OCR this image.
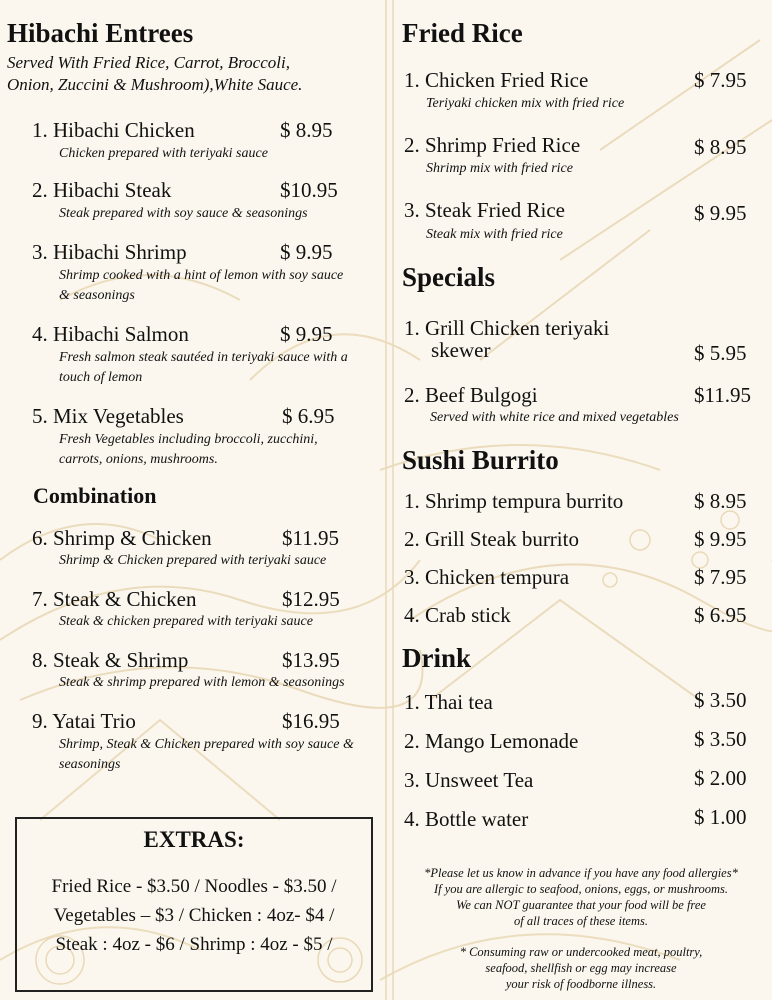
Hibachi Entrees
Served With Fried Rice, Carrot, Broccoli,
Onion, Zuccini & Mushroom),White Sauce.
1. Hibachi Chicken	$ 8.95
Chicken prepared with teriyaki sauce
2. Hibachi Steak	$10.95
Steak prepared with soy sauce & seasonings
3. Hibachi Shrimp	$ 9.95
Shrimp cooked with a hint of lemon with soy sauce & seasonings
4. Hibachi Salmon	$ 9.95
Fresh salmon steak sautéed in teriyaki sauce with a touch of lemon
5. Mix Vegetables	$ 6.95
Fresh Vegetables including broccoli, zucchini, carrots, onions, mushrooms.
Combination
6. Shrimp & Chicken	$11.95
Shrimp & Chicken prepared with teriyaki sauce
7. Steak & Chicken	$12.95
Steak & chicken prepared with teriyaki sauce
8. Steak & Shrimp	$13.95
Steak & shrimp prepared with lemon & seasonings
9. Yatai Trio	$16.95
Shrimp, Steak & Chicken prepared with soy sauce & seasonings
EXTRAS:
Fried Rice - $3.50 / Noodles - $3.50 /
Vegetables – $3 / Chicken : 4oz- $4 /
Steak : 4oz - $6 / Shrimp : 4oz - $5 /
Fried Rice
1. Chicken Fried Rice	$ 7.95
Teriyaki chicken mix with fried rice
2. Shrimp Fried Rice	$ 8.95
Shrimp mix with fried rice
3. Steak Fried Rice	$ 9.95
Steak mix with fried rice
Specials
1. Grill Chicken teriyaki
skewer	$ 5.95
2. Beef Bulgogi	$11.95
Served with white rice and mixed vegetables
Sushi Burrito
1. Shrimp tempura burrito	$ 8.95
2. Grill Steak burrito	$ 9.95
3. Chicken tempura	$ 7.95
4. Crab stick	$ 6.95
Drink
1. Thai tea	$ 3.50
2. Mango Lemonade	$ 3.50
3. Unsweet Tea	$ 2.00
4. Bottle water	$ 1.00
*Please let us know in advance if you have any food allergies*
If you are allergic to seafood, onions, eggs, or mushrooms.
We can NOT guarantee that your food will be free
of all traces of these items.
* Consuming raw or undercooked meat, poultry,
seafood, shellfish or egg may increase
your risk of foodborne illness.
